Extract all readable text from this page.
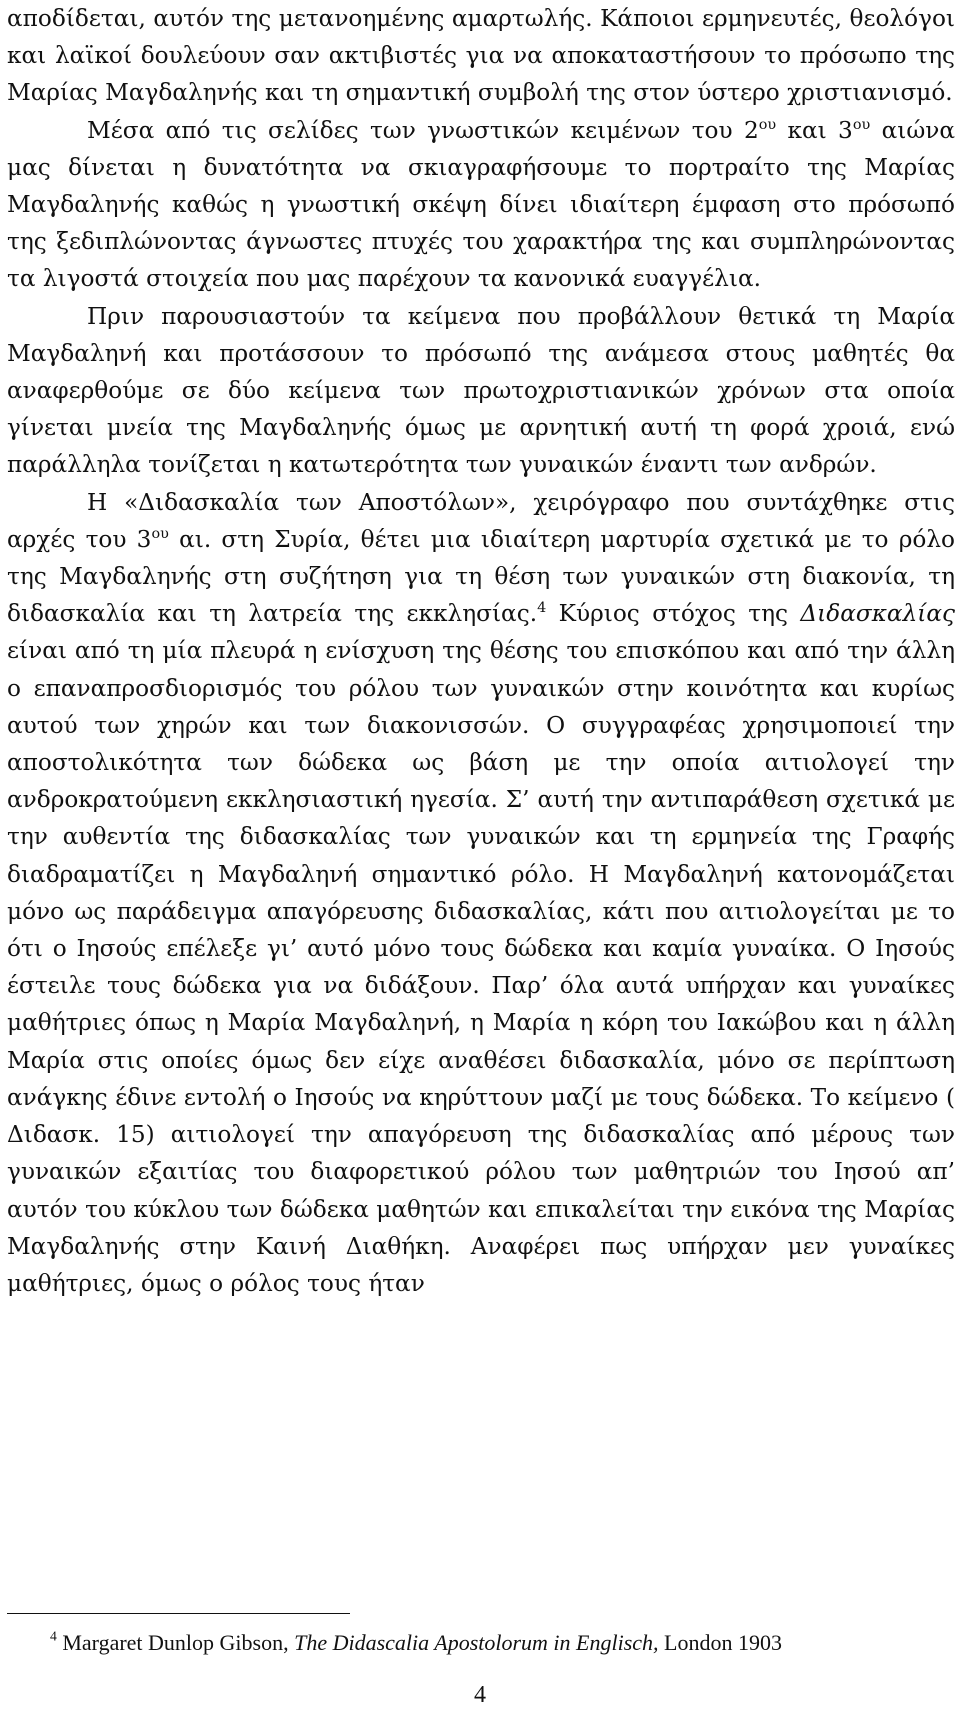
αποδίδεται, αυτόν της μετανοημένης αμαρτωλής. Κάποιοι ερμηνευτές, θεολόγοι και λαϊκοί δουλεύουν σαν ακτιβιστές για να αποκαταστήσουν το πρόσωπο της Μαρίας Μαγδαληνής και τη σημαντική συμβολή της στον ύστερο χριστιανισμό.

Μέσα από τις σελίδες των γνωστικών κειμένων του $2^{o\upsilon}$ και $3^{o\upsilon}$ αιώνα μας δίνεται η δυνατότητα να σκιαγραφήσουμε το πορτραίτο της Μαρίας Μαγδαληνής καθώς η γνωστική σκέψη δίνει ιδιαίτερη έμφαση στο πρόσωπό της ξεδιπλώνοντας άγνωστες πτυχές του χαρακτήρα της και συμπληρώνοντας τα λιγοστά στοιχεία που μας παρέχουν τα κανονικά ευαγγέλια.

Πριν παρουσιαστούν τα κείμενα που προβάλλουν θετικά τη Μαρία Μαγδαληνή και προτάσσουν το πρόσωπό της ανάμεσα στους μαθητές θα αναφερθούμε σε δύο κείμενα των πρωτοχριστιανικών χρόνων στα οποία γίνεται μνεία της Μαγδαληνής όμως με αρνητική αυτή τη φορά χροιά, ενώ παράλληλα τονίζεται η κατωτερότητα των γυναικών έναντι των ανδρών.

Η «Διδασκαλία των Αποστόλων», χειρόγραφο που συντάχθηκε στις αρχές του $3^{o\upsilon}$ αι. στη Συρία, θέτει μια ιδιαίτερη μαρτυρία σχετικά με το ρόλο της Μαγδαληνής στη συζήτηση για τη θέση των γυναικών στη διακονία, τη διδασκαλία και τη λατρεία της εκκλησίας.$^4$ Κύριος στόχος της Διδασκαλίας είναι από τη μία πλευρά η ενίσχυση της θέσης του επισκόπου και από την άλλη ο επαναπροσδιορισμός του ρόλου των γυναικών στην κοινότητα και κυρίως αυτού των χηρών και των διακονισσών. Ο συγγραφέας χρησιμοποιεί την αποστολικότητα των δώδεκα ως βάση με την οποία αιτιολογεί την ανδροκρατούμενη εκκλησιαστική ηγεσία. Σ’ αυτή την αντιπαράθεση σχετικά με την αυθεντία της διδασκαλίας των γυναικών και τη ερμηνεία της Γραφής διαδραματίζει η Μαγδαληνή σημαντικό ρόλο. Η Μαγδαληνή κατονομάζεται μόνο ως παράδειγμα απαγόρευσης διδασκαλίας, κάτι που αιτιολογείται με το ότι ο Ιησούς επέλεξε γι’ αυτό μόνο τους δώδεκα και καμία γυναίκα. Ο Ιησούς έστειλε τους δώδεκα για να διδάξουν. Παρ’ όλα αυτά υπήρχαν και γυναίκες μαθήτριες όπως η Μαρία Μαγδαληνή, η Μαρία η κόρη του Ιακώβου και η άλλη Μαρία στις οποίες όμως δεν είχε αναθέσει διδασκαλία, μόνο σε περίπτωση ανάγκης έδινε εντολή ο Ιησούς να κηρύττουν μαζί με τους δώδεκα. Το κείμενο ( Διδασκ. 15) αιτιολογεί την απαγόρευση της διδασκαλίας από μέρους των γυναικών εξαιτίας του διαφορετικού ρόλου των μαθητριών του Ιησού απ’ αυτόν του κύκλου των δώδεκα μαθητών και επικαλείται την εικόνα της Μαρίας Μαγδαληνής στην Καινή Διαθήκη. Αναφέρει πως υπήρχαν μεν γυναίκες μαθήτριες, όμως ο ρόλος τους ήταν

$^4$ Margaret Dunlop Gibson, The Didascalia Apostolorum in Englisch, London 1903
4
